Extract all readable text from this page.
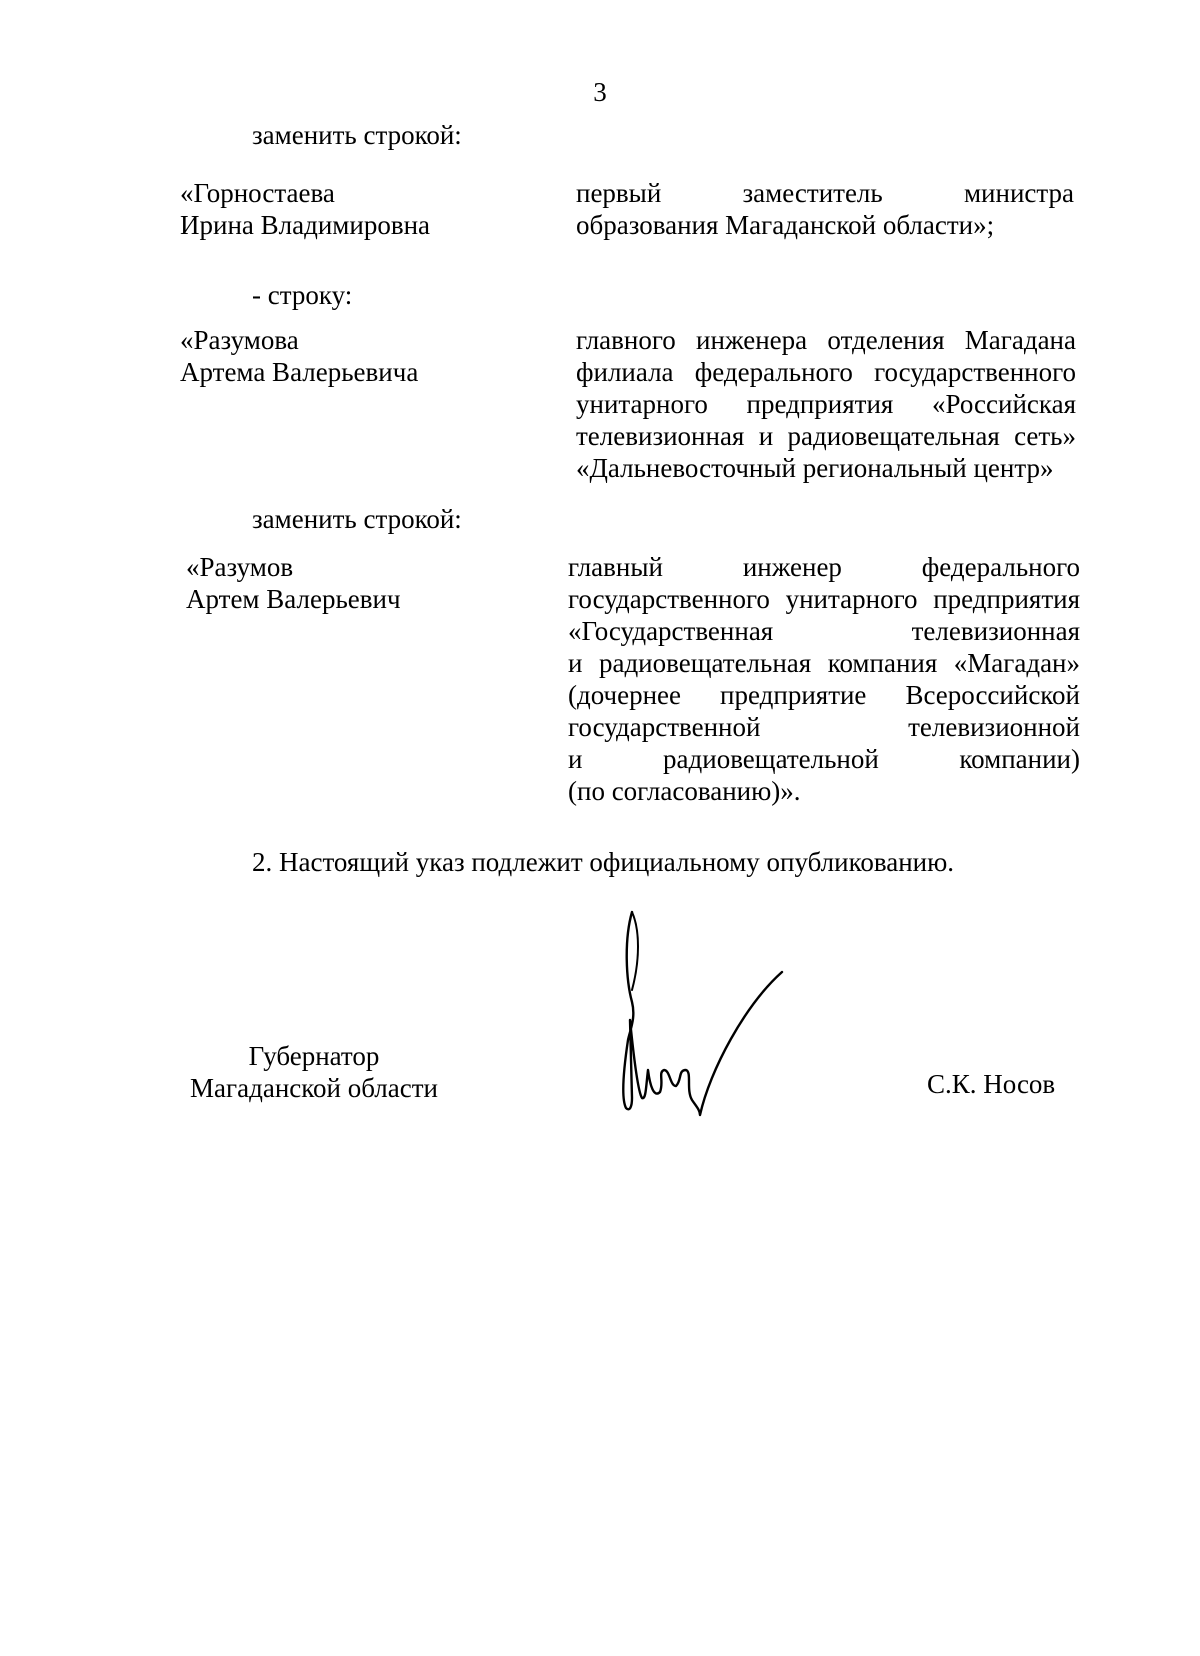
3
заменить строкой:
«Горностаева
Ирина Владимировна
первый заместитель министра
образования Магаданской области»;
- строку:
«Разумова
Артема Валерьевича
главного инженера отделения Магадана
филиала федерального государственного
унитарного предприятия «Российская
телевизионная и радиовещательная сеть»
«Дальневосточный региональный центр»
заменить строкой:
«Разумов
Артем Валерьевич
главный инженер федерального
государственного унитарного предприятия
«Государственная телевизионная
и радиовещательная компания «Магадан»
(дочернее предприятие Всероссийской
государственной телевизионной
и радиовещательной компании)
(по согласованию)».
2. Настоящий указ подлежит официальному опубликованию.
Губернатор
Магаданской области	С.К. Носов
